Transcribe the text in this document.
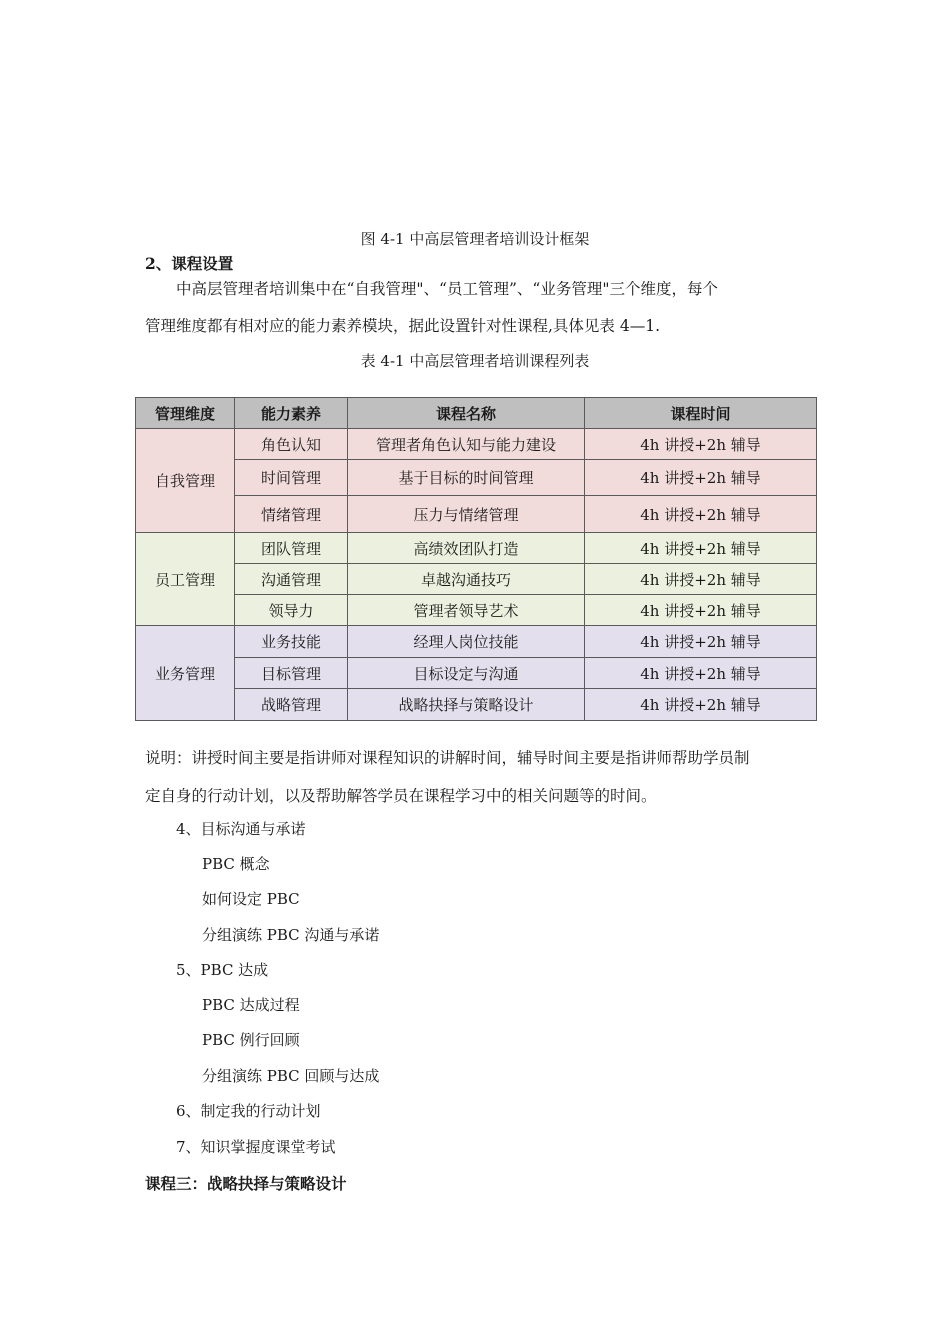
图 4-1 中高层管理者培训设计框架
2、课程设置
中高层管理者培训集中在“自我管理"、“员工管理”、“业务管理"三个维度，每个
管理维度都有相对应的能力素养模块，据此设置针对性课程,具体见表 4—1.
表 4-1 中高层管理者培训课程列表
管理维度	能力素养	课程名称	课程时间
自我管理	角色认知	管理者角色认知与能力建设	4h 讲授+2h 辅导
	时间管理	基于目标的时间管理	4h 讲授+2h 辅导
	情绪管理	压力与情绪管理	4h 讲授+2h 辅导
员工管理	团队管理	高绩效团队打造	4h 讲授+2h 辅导
	沟通管理	卓越沟通技巧	4h 讲授+2h 辅导
	领导力	管理者领导艺术	4h 讲授+2h 辅导
业务管理	业务技能	经理人岗位技能	4h 讲授+2h 辅导
	目标管理	目标设定与沟通	4h 讲授+2h 辅导
	战略管理	战略抉择与策略设计	4h 讲授+2h 辅导
说明：讲授时间主要是指讲师对课程知识的讲解时间，辅导时间主要是指讲师帮助学员制
定自身的行动计划，以及帮助解答学员在课程学习中的相关问题等的时间。
4、目标沟通与承诺
PBC 概念
如何设定 PBC
分组演练 PBC 沟通与承诺
5、PBC 达成
PBC 达成过程
PBC 例行回顾
分组演练 PBC 回顾与达成
6、制定我的行动计划
7、知识掌握度课堂考试
课程三：战略抉择与策略设计
